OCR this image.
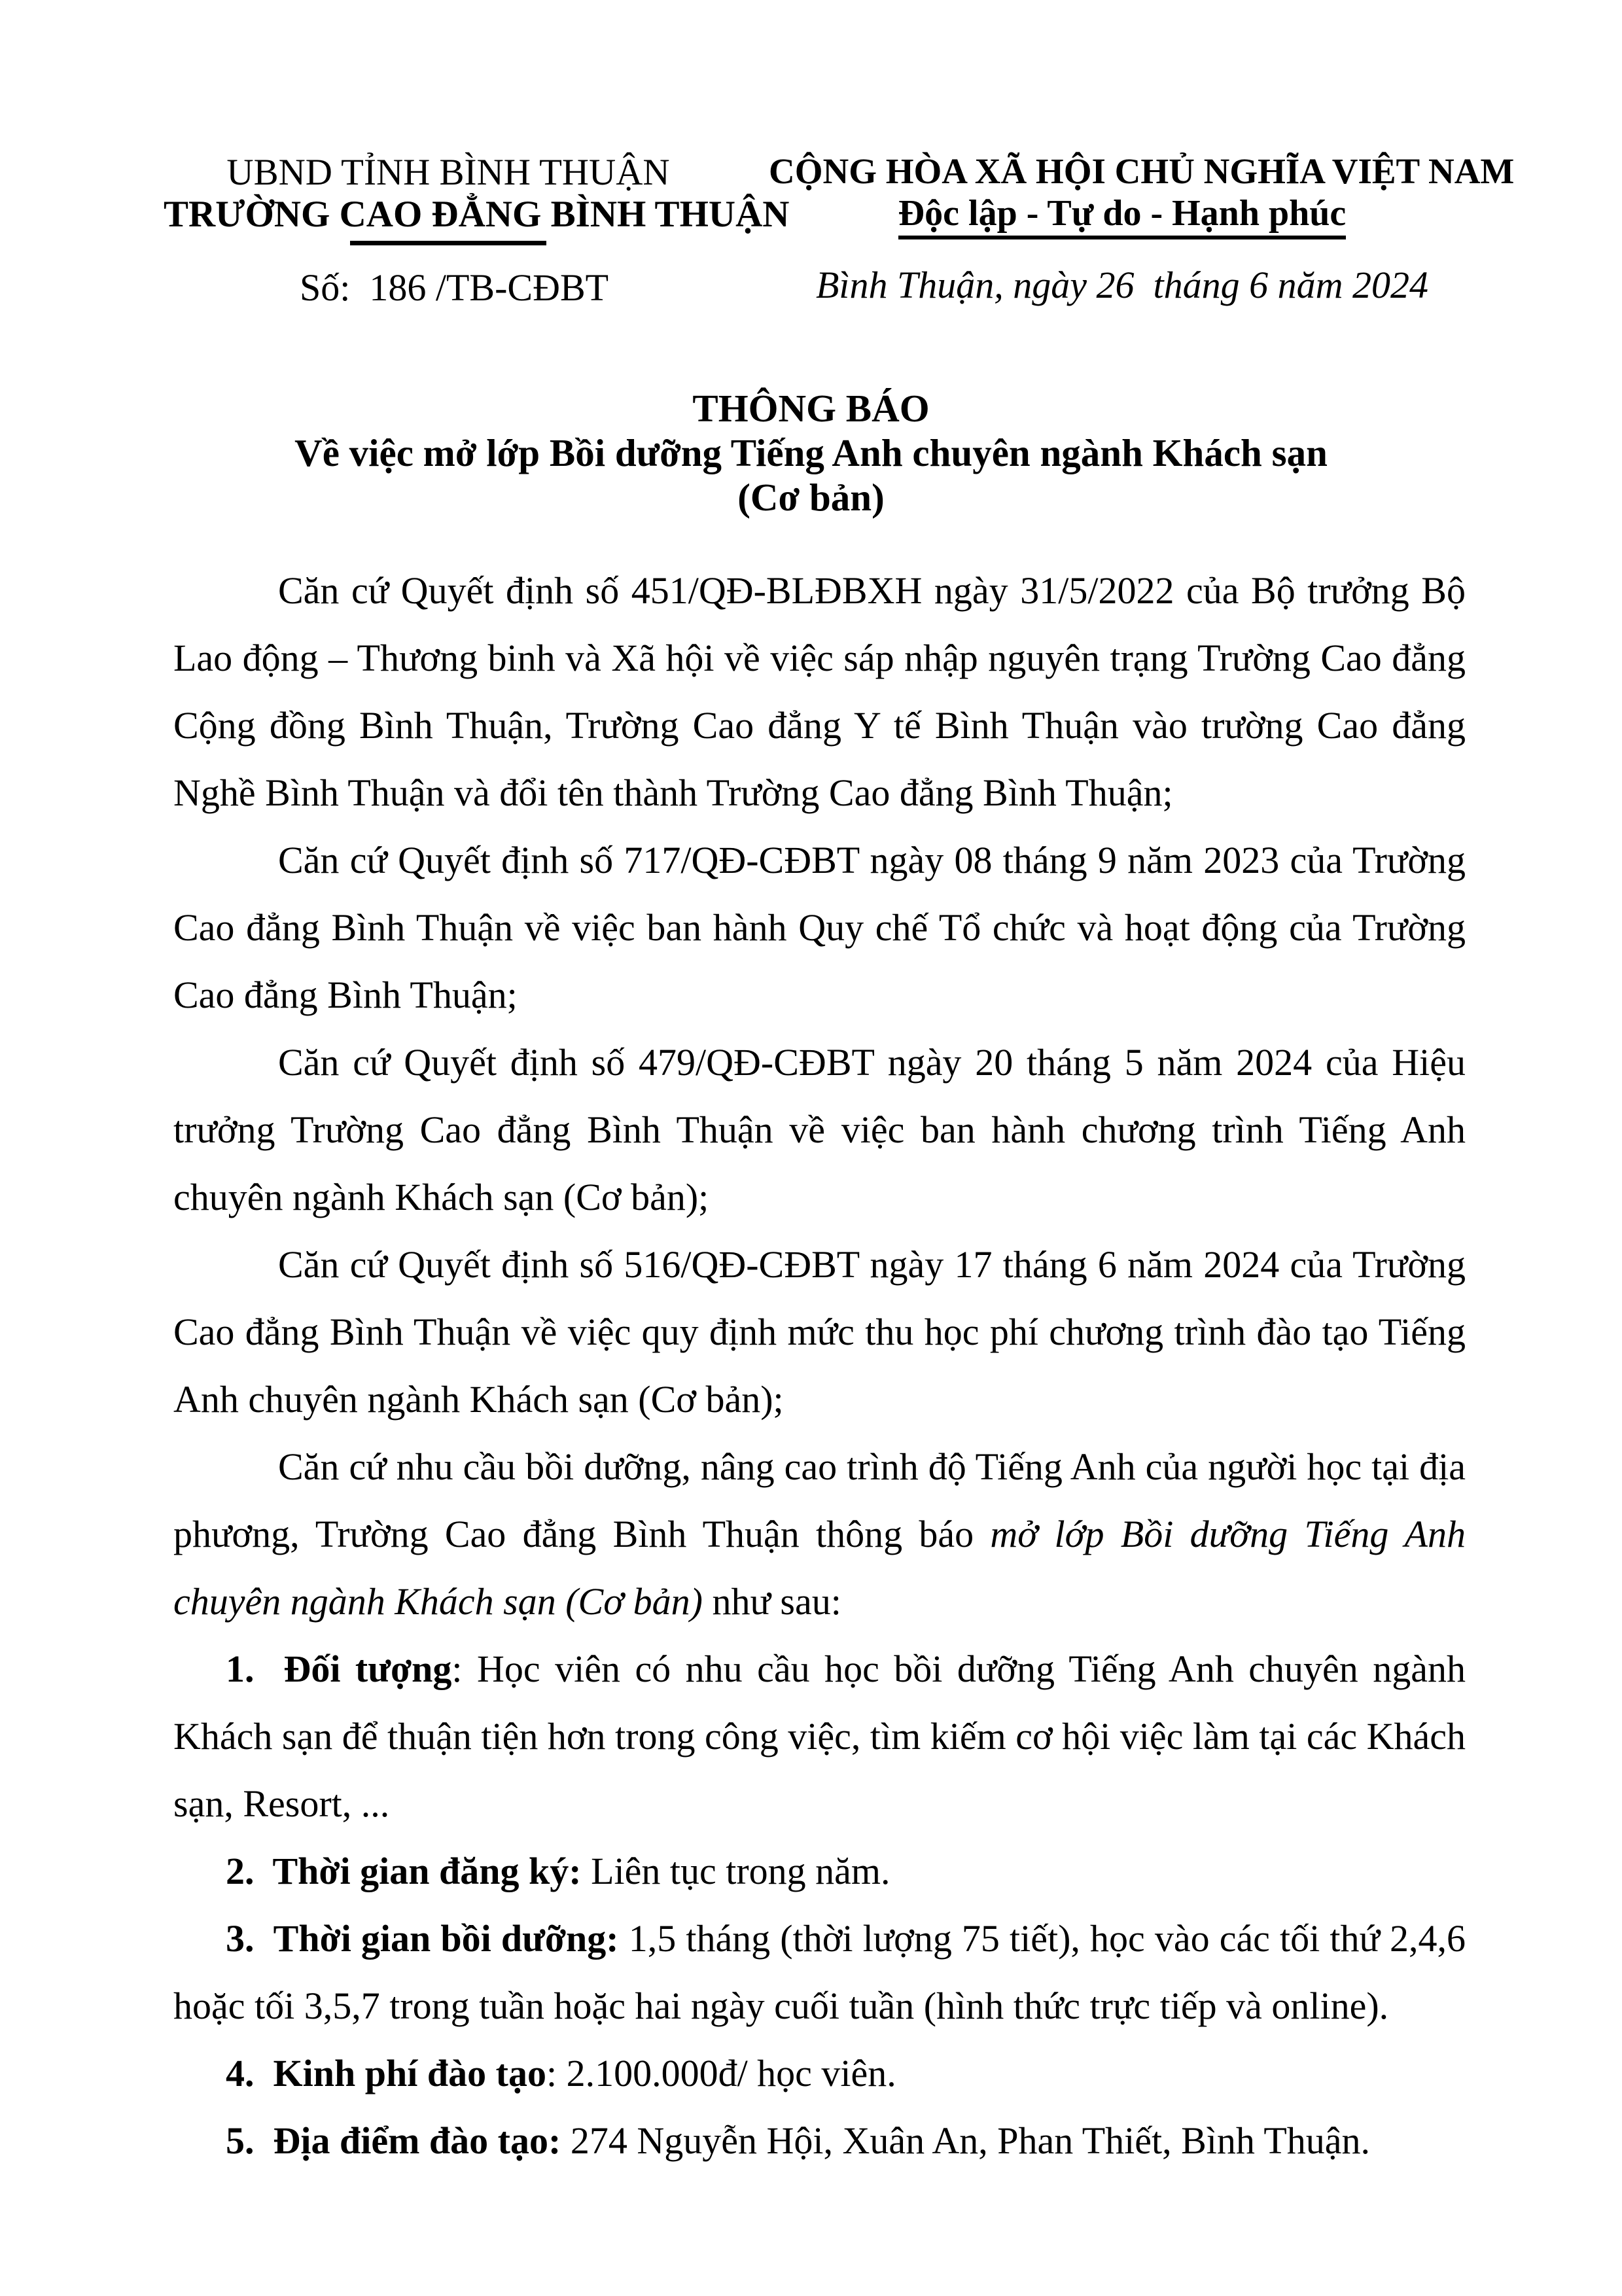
UBND TỈNH BÌNH THUẬN
TRƯỜNG CAO ĐẲNG BÌNH THUẬN
Số:  186 /TB-CĐBT
CỘNG HÒA XÃ HỘI CHỦ NGHĨA VIỆT NAM
Độc lập - Tự do - Hạnh phúc
Bình Thuận, ngày 26  tháng 6 năm 2024
THÔNG BÁO
Về việc mở lớp Bồi dưỡng Tiếng Anh chuyên ngành Khách sạn
(Cơ bản)

Căn cứ Quyết định số 451/QĐ-BLĐBXH ngày 31/5/2022 của Bộ trưởng Bộ Lao động – Thương binh và Xã hội về việc sáp nhập nguyên trạng Trường Cao đẳng Cộng đồng Bình Thuận, Trường Cao đẳng Y tế Bình Thuận vào trường Cao đẳng Nghề Bình Thuận và đổi tên thành Trường Cao đẳng Bình Thuận;

Căn cứ Quyết định số 717/QĐ-CĐBT ngày 08 tháng 9 năm 2023 của Trường Cao đẳng Bình Thuận về việc ban hành Quy chế Tổ chức và hoạt động của Trường Cao đẳng Bình Thuận;

Căn cứ Quyết định số 479/QĐ-CĐBT ngày 20 tháng 5 năm 2024 của Hiệu trưởng Trường Cao đẳng Bình Thuận về việc ban hành chương trình Tiếng Anh chuyên ngành Khách sạn (Cơ bản);

Căn cứ Quyết định số 516/QĐ-CĐBT ngày 17 tháng 6 năm 2024 của Trường Cao đẳng Bình Thuận về việc quy định mức thu học phí chương trình đào tạo Tiếng Anh chuyên ngành Khách sạn (Cơ bản);

Căn cứ nhu cầu bồi dưỡng, nâng cao trình độ Tiếng Anh của người học tại địa phương, Trường Cao đẳng Bình Thuận thông báo mở lớp Bồi dưỡng Tiếng Anh chuyên ngành Khách sạn (Cơ bản) như sau:

1.  Đối tượng: Học viên có nhu cầu học bồi dưỡng Tiếng Anh chuyên ngành Khách sạn để thuận tiện hơn trong công việc, tìm kiếm cơ hội việc làm tại các Khách sạn, Resort, ...

2.  Thời gian đăng ký: Liên tục trong năm.

3.  Thời gian bồi dưỡng: 1,5 tháng (thời lượng 75 tiết), học vào các tối thứ 2,4,6 hoặc tối 3,5,7 trong tuần hoặc hai ngày cuối tuần (hình thức trực tiếp và online).

4.  Kinh phí đào tạo: 2.100.000đ/ học viên.

5.  Địa điểm đào tạo: 274 Nguyễn Hội, Xuân An, Phan Thiết, Bình Thuận.
